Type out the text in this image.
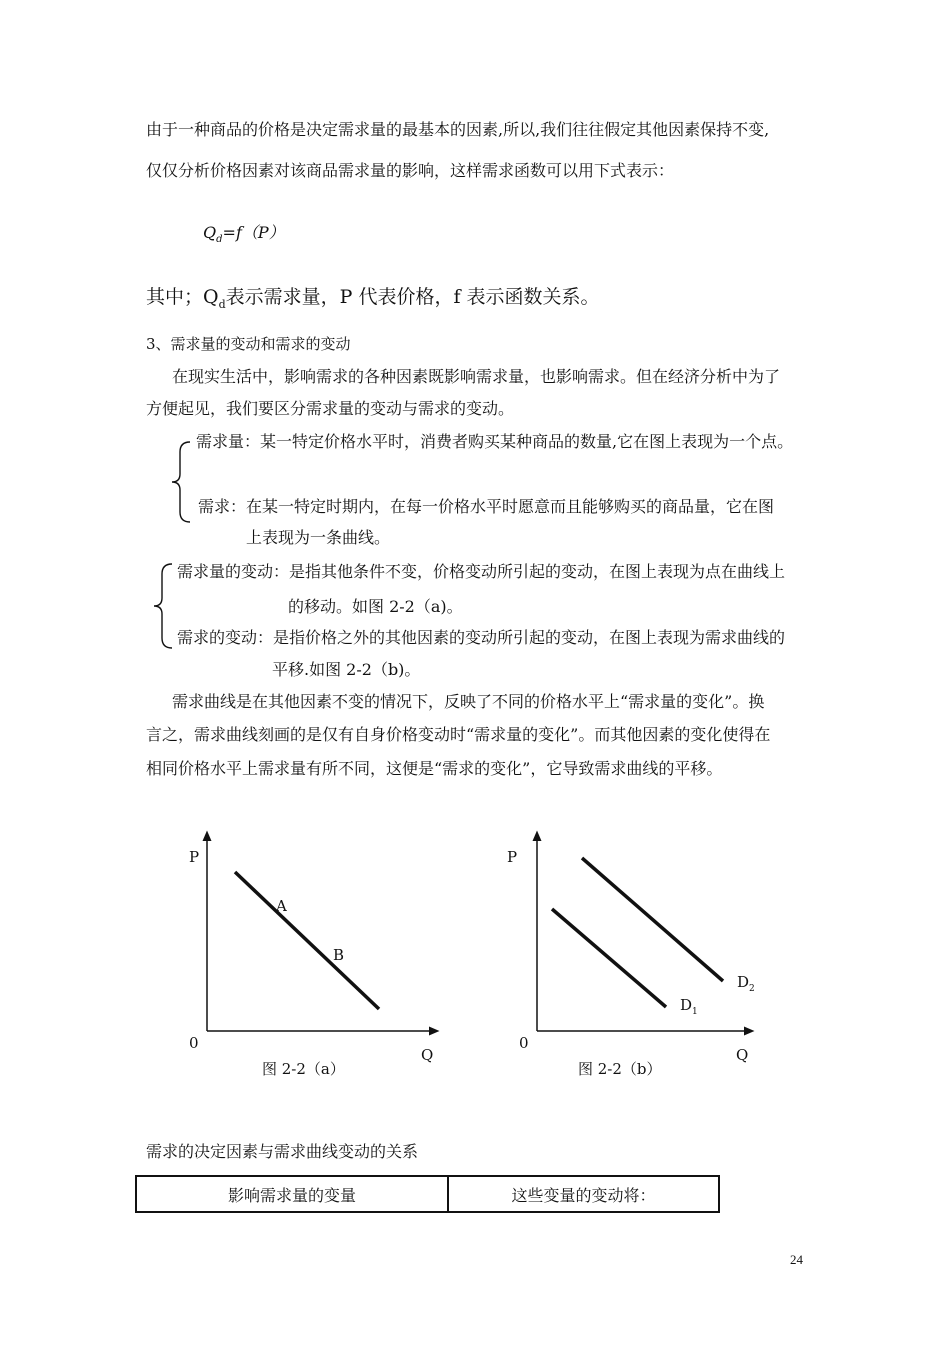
由于一种商品的价格是决定需求量的最基本的因素,所以,我们往往假定其他因素保持不变,
仅仅分析价格因素对该商品需求量的影响，这样需求函数可以用下式表示：
$Q_d=f(P)$
其中；$Q_d$表示需求量，P 代表价格，f 表示函数关系。
3、需求量的变动和需求的变动
在现实生活中，影响需求的各种因素既影响需求量，也影响需求。但在经济分析中为了
方便起见，我们要区分需求量的变动与需求的变动。
需求量：某一特定价格水平时，消费者购买某种商品的数量,它在图上表现为一个点。
需求：在某一特定时期内，在每一价格水平时愿意而且能够购买的商品量，它在图
上表现为一条曲线。
需求量的变动：是指其他条件不变，价格变动所引起的变动，在图上表现为点在曲线上
的移动。如图 2-2（a)。
需求的变动：是指价格之外的其他因素的变动所引起的变动，在图上表现为需求曲线的
平移.如图 2-2（b)。
需求曲线是在其他因素不变的情况下，反映了不同的价格水平上“需求量的变化”。换
言之，需求曲线刻画的是仅有自身价格变动时“需求量的变化”。而其他因素的变化使得在
相同价格水平上需求量有所不同，这便是“需求的变化”，它导致需求曲线的平移。
P
0
Q
A
B
图 2-2（a）
P
0
Q
$D_1$
$D_2$
图 2-2（b）
需求的决定因素与需求曲线变动的关系
影响需求量的变量	这些变量的变动将：
24
